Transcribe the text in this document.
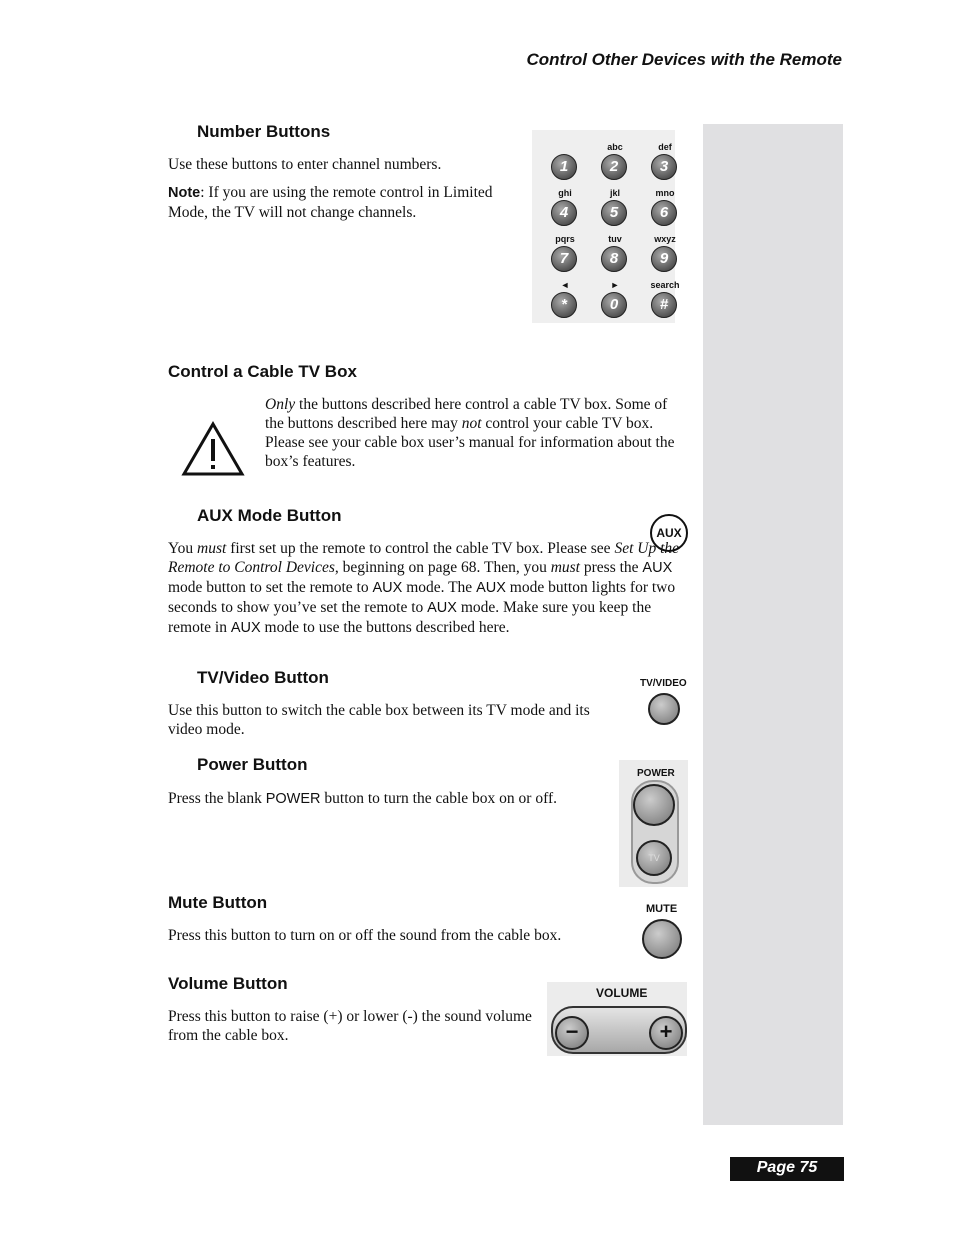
Control Other Devices with the Remote
Number Buttons
Use these buttons to enter channel numbers.
Note: If you are using the remote control in Limited Mode, the TV will not change channels.
1
abc
2
def
3
ghi
4
jkl
5
mno
6
pqrs
7
tuv
8
wxyz
9
◄
*
►
0
search
#
Control a Cable TV Box
Only the buttons described here control a cable TV box. Some of the buttons described here may not control your cable TV box. Please see your cable box user’s manual for information about the box’s features.
AUX Mode Button
AUX
You must first set up the remote to control the cable TV box. Please see Set Up the Remote to Control Devices, beginning on page 68. Then, you must press the AUX mode button to set the remote to AUX mode. The AUX mode button lights for two seconds to show you’ve set the remote to AUX mode. Make sure you keep the remote in AUX mode to use the buttons described here.
TV/Video Button
Use this button to switch the cable box between its TV mode and its video mode.
TV/VIDEO
Power Button
Press the blank POWER button to turn the cable box on or off.
POWER
TV
Mute Button
Press this button to turn on or off the sound from the cable box.
MUTE
Volume Button
Press this button to raise (+) or lower (-) the sound volume from the cable box.
VOLUME
−	+
Page 75
